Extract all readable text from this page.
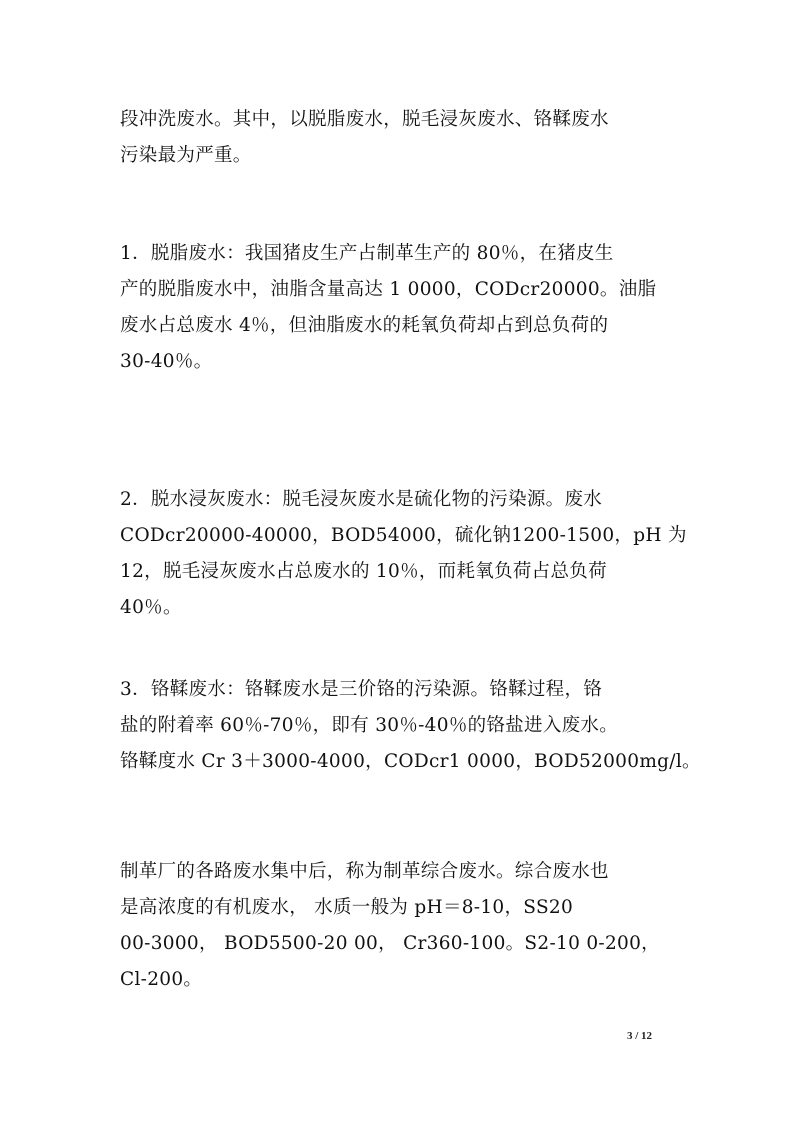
段冲洗废水。其中，以脱脂废水，脱毛浸灰废水、铬鞣废水
污染最为严重。

1．脱脂废水：我国猪皮生产占制革生产的 80％，在猪皮生
产的脱脂废水中，油脂含量高达 1 0000，CODcr20000。油脂
废水占总废水 4％，但油脂废水的耗氧负荷却占到总负荷的
30-40％。

2．脱水浸灰废水：脱毛浸灰废水是硫化物的污染源。废水
CODcr20000-40000，BOD54000，硫化钠1200-1500，pH 为
12，脱毛浸灰废水占总废水的 10％，而耗氧负荷占总负荷
40％。

3．铬鞣废水：铬鞣废水是三价铬的污染源。铬鞣过程，铬
盐的附着率 60％-70％，即有 30％-40％的铬盐进入废水。
铬鞣度水 Cr 3＋3000-4000，CODcr1 0000，BOD52000mg/l。

制革厂的各路废水集中后，称为制革综合废水。综合废水也
是高浓度的有机废水， 水质一般为 pH＝8-10，SS20
00-3000， BOD5500-20 00， Cr360-100。S2-10 0-200，
Cl-200。

3 / 12
